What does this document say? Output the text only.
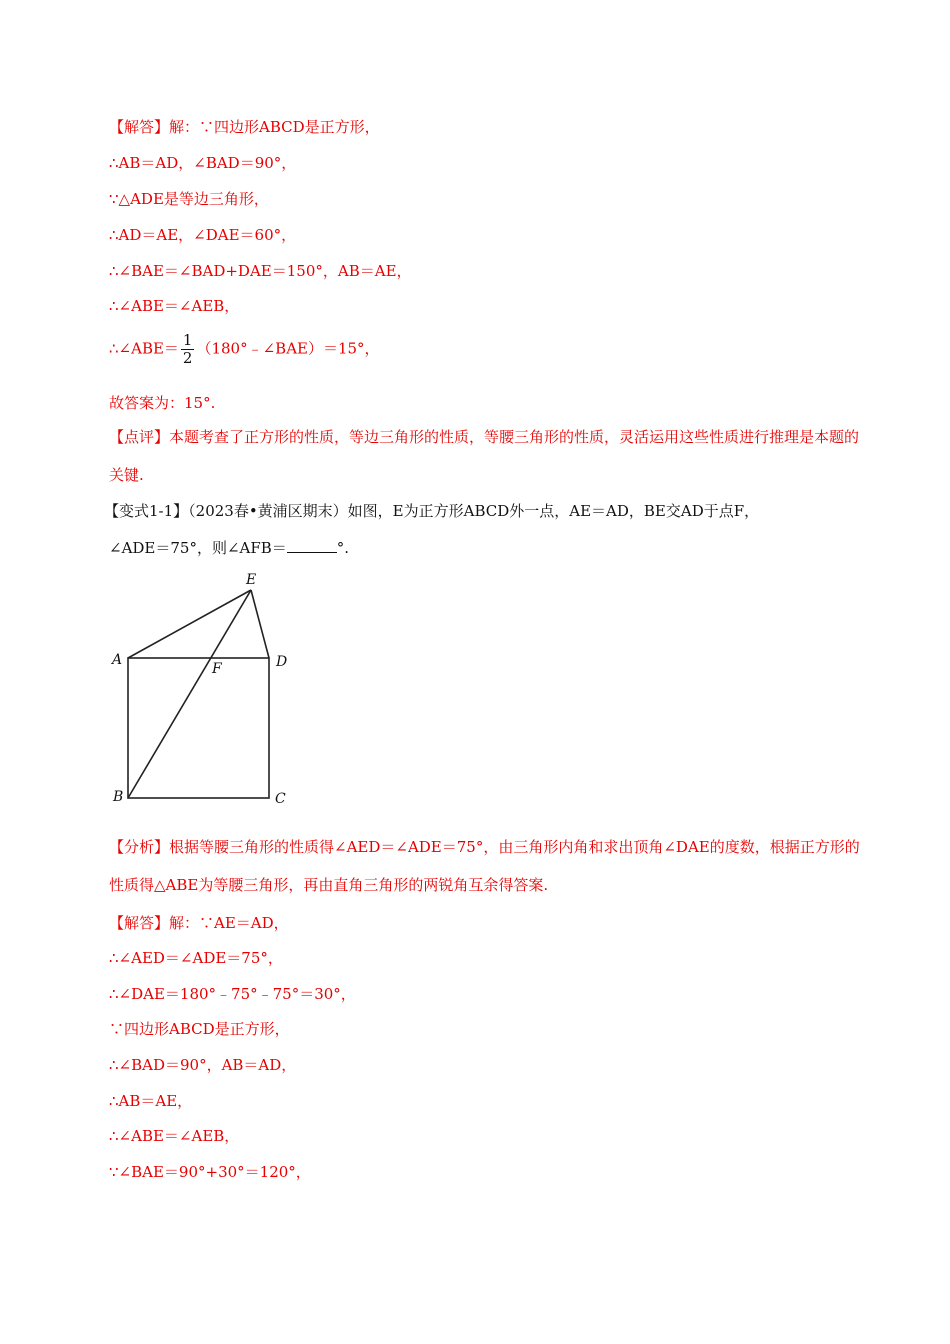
【解答】解：∵四边形ABCD是正方形，
∴AB＝AD，∠BAD＝90°，
∵△ADE是等边三角形，
∴AD＝AE，∠DAE＝60°，
∴∠BAE＝∠BAD+DAE＝150°，AB＝AE，
∴∠ABE＝∠AEB，
∴∠ABE＝ $\frac{1}{2}$ （180°﹣∠BAE）＝15°，
故答案为：15°.
【点评】本题考查了正方形的性质，等边三角形的性质，等腰三角形的性质，灵活运用这些性质进行推理是本题的关键.
【变式1-1】（2023春•黄浦区期末）如图，E为正方形ABCD外一点，AE＝AD，BE交AD于点F，
∠ADE＝75°，则∠AFB＝	°.
E
A	D
F
B	C
【分析】根据等腰三角形的性质得∠AED＝∠ADE＝75°，由三角形内角和求出顶角∠DAE的度数，根据正方形的性质得△ABE为等腰三角形，再由直角三角形的两锐角互余得答案.
【解答】解：∵AE＝AD，
∴∠AED＝∠ADE＝75°，
∴∠DAE＝180°﹣75°﹣75°＝30°，
∵四边形ABCD是正方形，
∴∠BAD＝90°，AB＝AD，
∴AB＝AE，
∴∠ABE＝∠AEB，
∵∠BAE＝90°+30°＝120°，
